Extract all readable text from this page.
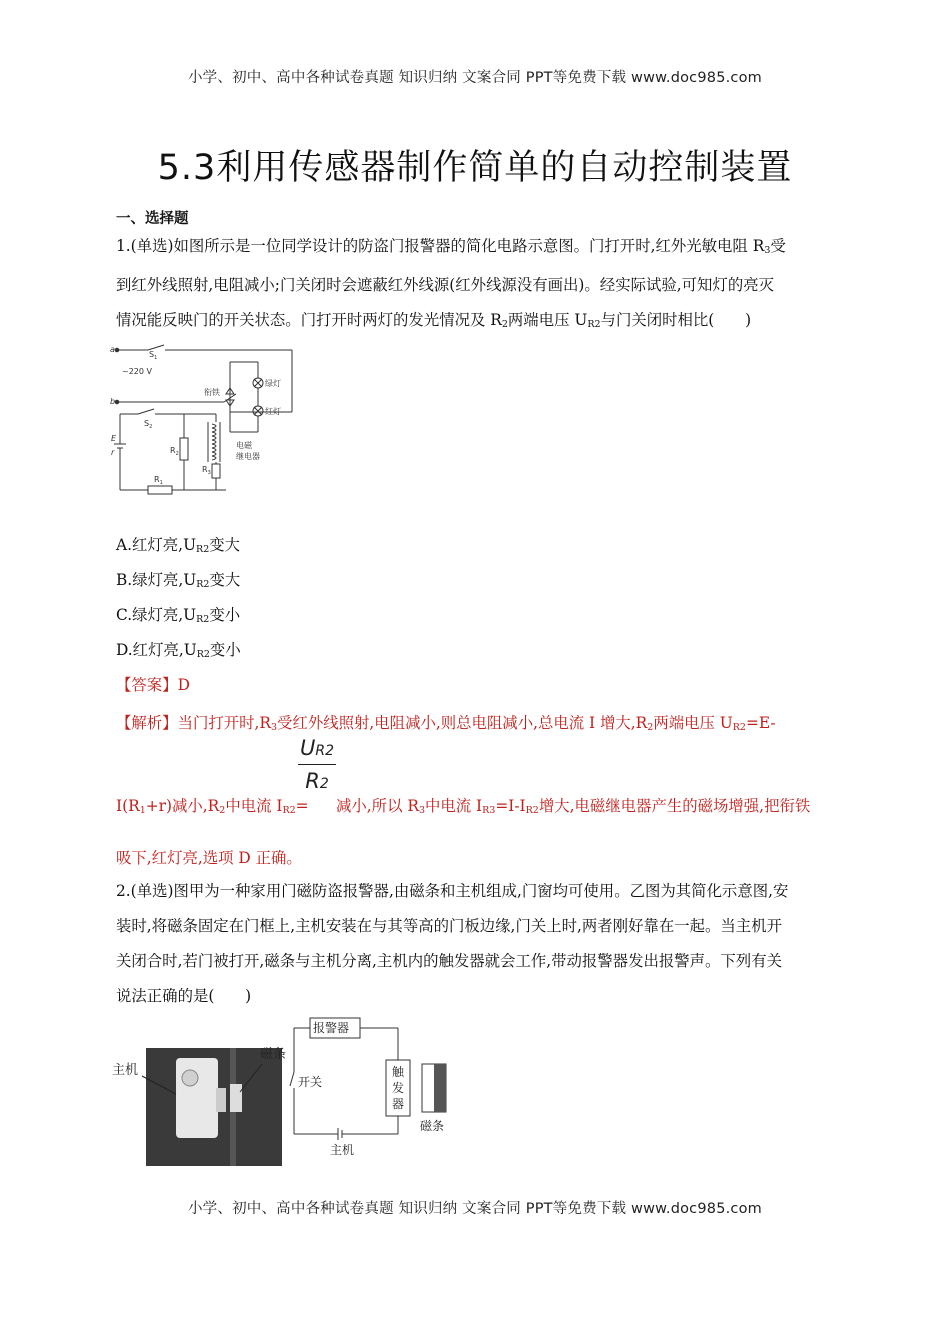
小学、初中、高中各种试卷真题 知识归纳 文案合同 PPT等免费下载 www.doc985.com
5.3利用传感器制作简单的自动控制装置
一、选择题
1.(单选)如图所示是一位同学设计的防盗门报警器的简化电路示意图。门打开时,红外光敏电阻 $R_3$受
到红外线照射,电阻减小;门关闭时会遮蔽红外线源(红外线源没有画出)。经实际试验,可知灯的亮灭
情况能反映门的开关状态。门打开时两灯的发光情况及 $R_2$两端电压 $U_{R2}$与门关闭时相比(　　)
a
b
$S_1$
~220 V
衔铁
绿灯
红灯
电磁
继电器
$S_2$
E
r
$R_1$
$R_2$
$R_3$
A.红灯亮$,U_{R2}$变大
B.绿灯亮$,U_{R2}$变大
C.绿灯亮$,U_{R2}$变小
D.红灯亮$,U_{R2}$变小
【答案】D
【解析】当门打开时$,R_3$受红外线照射,电阻减小,则总电阻减小,总电流 I 增大$,R_2$两端电压 $U_{R2}=E-$
UR2
R2
$I(R_1+r)$减小$,R_2$中电流 $I_{R2}=$ 减小,所以 $R_3$中电流 $I_{R3}=I-I_{R2}$增大,电磁继电器产生的磁场增强,把衔铁
吸下,红灯亮,选项 D 正确。
2.(单选)图甲为一种家用门磁防盗报警器,由磁条和主机组成,门窗均可使用。乙图为其简化示意图,安
装时,将磁条固定在门框上,主机安装在与其等高的门板边缘,门关上时,两者刚好靠在一起。当主机开
关闭合时,若门被打开,磁条与主机分离,主机内的触发器就会工作,带动报警器发出报警声。下列有关
说法正确的是(　　)
主机
磁条
报警器
开关
触
发
器
主机
磁条
小学、初中、高中各种试卷真题 知识归纳 文案合同 PPT等免费下载 www.doc985.com
